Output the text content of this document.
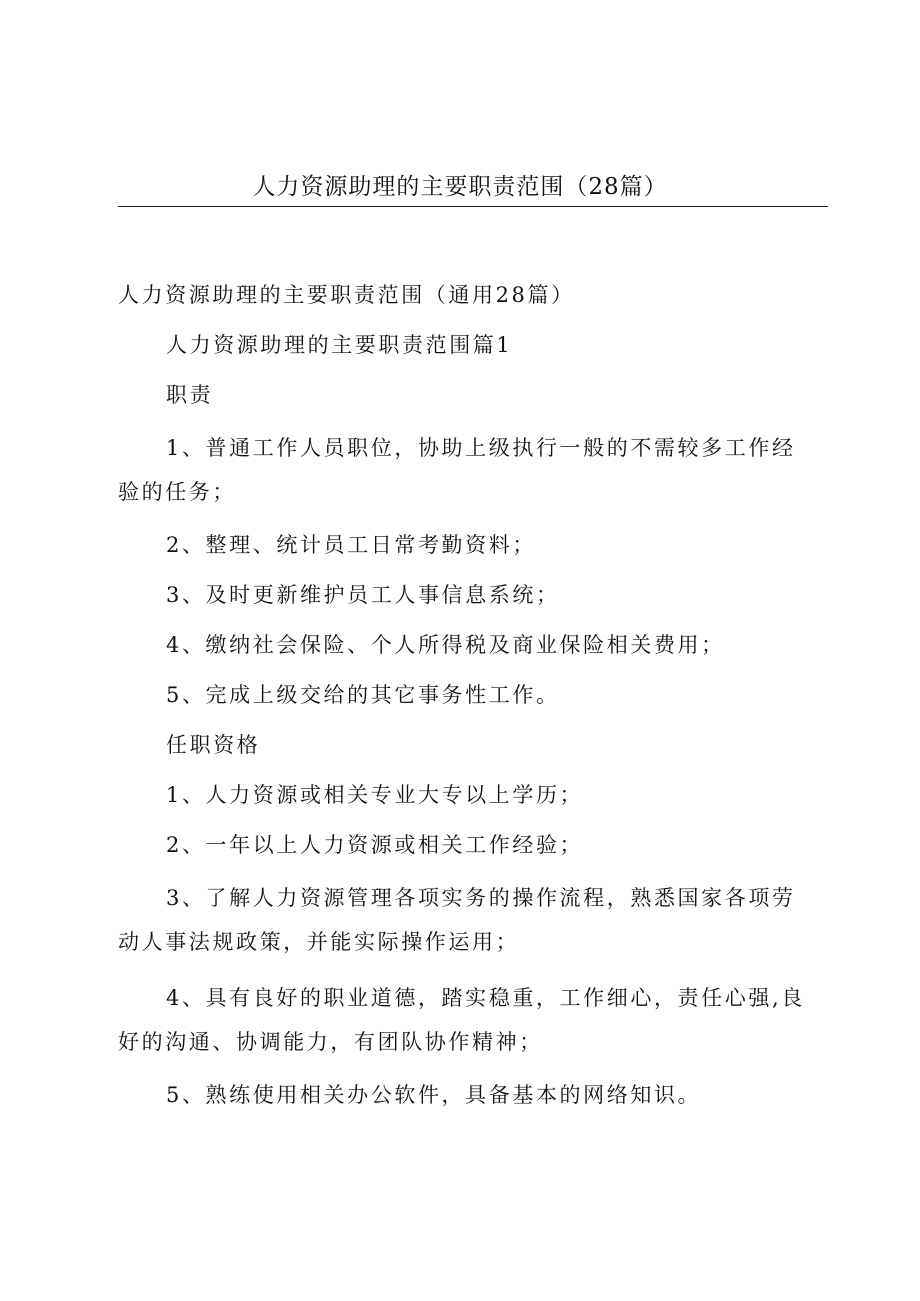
人力资源助理的主要职责范围（28篇）

人力资源助理的主要职责范围（通用28篇）

人力资源助理的主要职责范围篇1

职责

1、普通工作人员职位，协助上级执行一般的不需较多工作经验的任务；

2、整理、统计员工日常考勤资料；

3、及时更新维护员工人事信息系统；

4、缴纳社会保险、个人所得税及商业保险相关费用；

5、完成上级交给的其它事务性工作。

任职资格

1、人力资源或相关专业大专以上学历；

2、一年以上人力资源或相关工作经验；

3、了解人力资源管理各项实务的操作流程，熟悉国家各项劳动人事法规政策，并能实际操作运用；

4、具有良好的职业道德，踏实稳重，工作细心，责任心强,良好的沟通、协调能力，有团队协作精神；

5、熟练使用相关办公软件，具备基本的网络知识。
